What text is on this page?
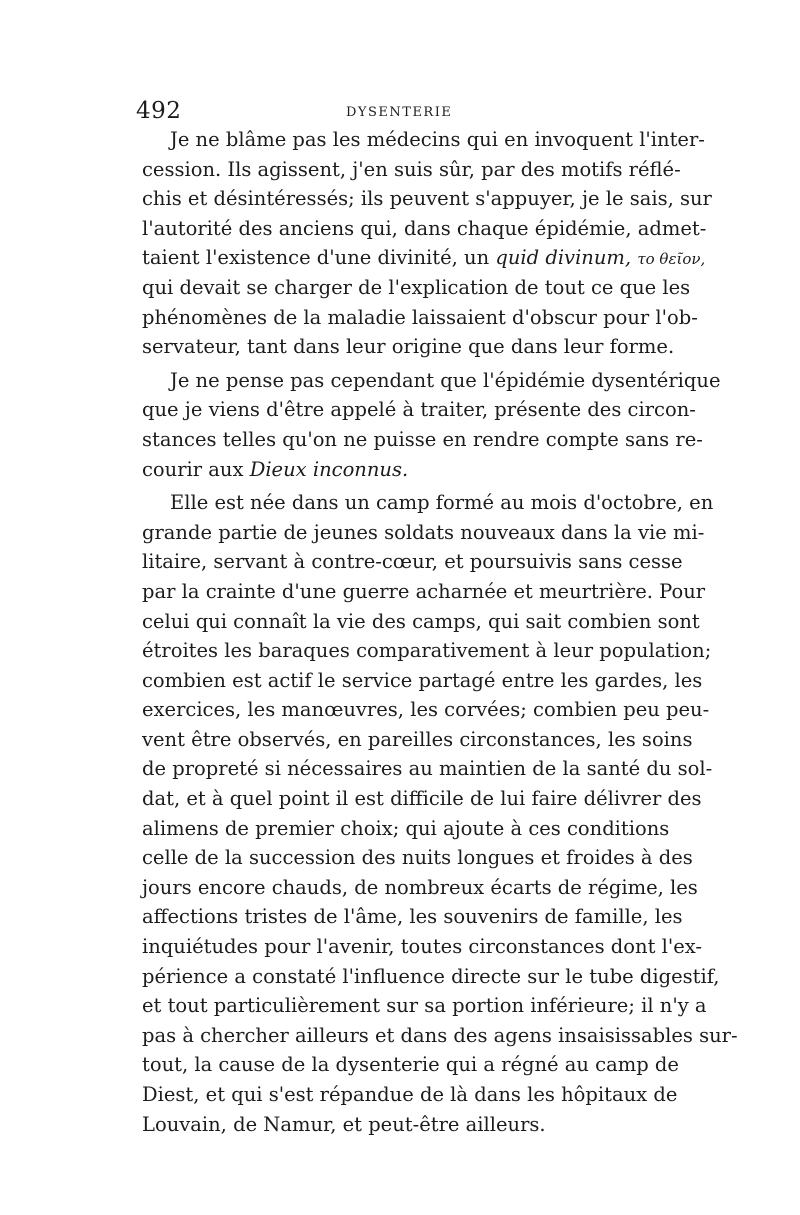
492	DYSENTERIE
Je ne blâme pas les médecins qui en invoquent l'inter-
cession. Ils agissent, j'en suis sûr, par des motifs réflé-
chis et désintéressés; ils peuvent s'appuyer, je le sais, sur
l'autorité des anciens qui, dans chaque épidémie, admet-
taient l'existence d'une divinité, un quid divinum, το θεῖον,
qui devait se charger de l'explication de tout ce que les
phénomènes de la maladie laissaient d'obscur pour l'ob-
servateur, tant dans leur origine que dans leur forme.
Je ne pense pas cependant que l'épidémie dysentérique
que je viens d'être appelé à traiter, présente des circon-
stances telles qu'on ne puisse en rendre compte sans re-
courir aux Dieux inconnus.
Elle est née dans un camp formé au mois d'octobre, en
grande partie de jeunes soldats nouveaux dans la vie mi-
litaire, servant à contre-cœur, et poursuivis sans cesse
par la crainte d'une guerre acharnée et meurtrière. Pour
celui qui connaît la vie des camps, qui sait combien sont
étroites les baraques comparativement à leur population;
combien est actif le service partagé entre les gardes, les
exercices, les manœuvres, les corvées; combien peu peu-
vent être observés, en pareilles circonstances, les soins
de propreté si nécessaires au maintien de la santé du sol-
dat, et à quel point il est difficile de lui faire délivrer des
alimens de premier choix; qui ajoute à ces conditions
celle de la succession des nuits longues et froides à des
jours encore chauds, de nombreux écarts de régime, les
affections tristes de l'âme, les souvenirs de famille, les
inquiétudes pour l'avenir, toutes circonstances dont l'ex-
périence a constaté l'influence directe sur le tube digestif,
et tout particulièrement sur sa portion inférieure; il n'y a
pas à chercher ailleurs et dans des agens insaisissables sur-
tout, la cause de la dysenterie qui a régné au camp de
Diest, et qui s'est répandue de là dans les hôpitaux de
Louvain, de Namur, et peut-être ailleurs.
